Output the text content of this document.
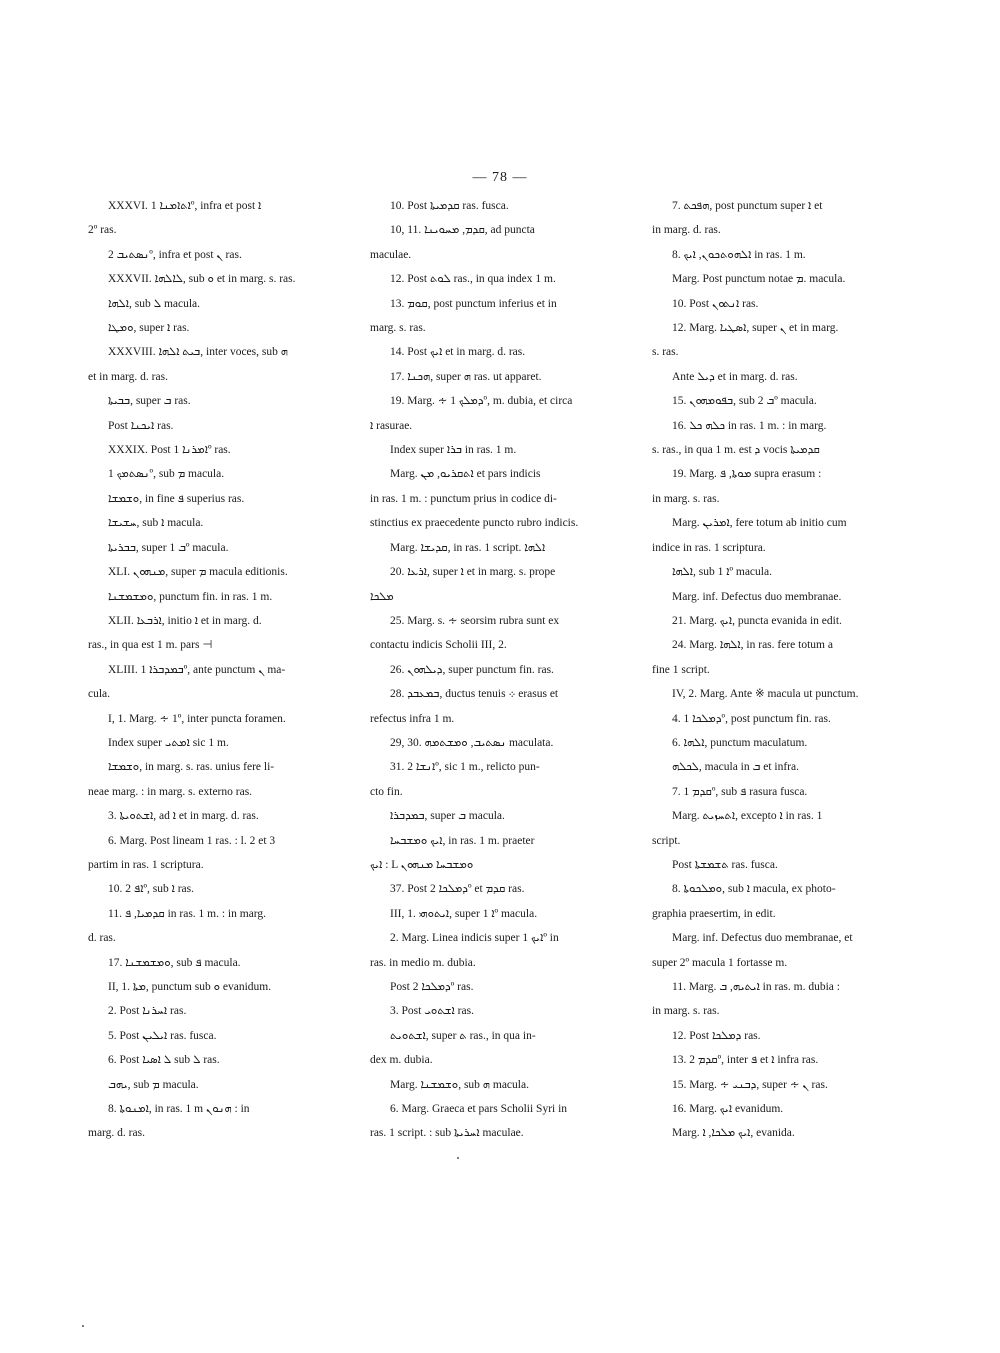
— 78 —
XXXVI. ܐܬܐܡܢܐ 1º, infra et post ܐ
2º ras.
ܢܣܬܝܒ 2º, infra et post ܢ ras.
XXXVII. ܠܐܠܗܐ, sub ܘ et in marg. s. ras.
ܐܠܗܐ, sub ܠ macula.
ܘܡܛܐ, super ܐ ras.
XXXVIII. ܒܝܬ ܐܠܗܐ, inter voces, sub ܗ
et in marg. d. ras.
ܒܒܝܬܐ, super ܒ ras.
Post ܐܝܟܢܐ ras.
XXXIX. Post ܐܡܪܢܐ 1º ras.
ܢܣܬܡܟ 1º, sub ܡ macula.
ܘܫܡܫܐ, in fine ܦ superius ras.
ܚܫܝܫܐ, sub ܐ macula.
ܒܒܪܝܬܐ, super ܒ 1º macula.
XLI. ܡܢܗܘܢ, super ܡ macula editionis.
ܘܡܫܡܫܢܐ, punctum fin. in ras. 1 m.
XLII. ܐܪܒܥܐ, initio ܐ et in marg. d.
ras., in qua est 1 m. pars ⊣
XLIII. ܒܡܕܒܪܐ 1º, ante punctum ܢ ma-
cula.
I, 1. Marg. ∻ 1º, inter puncta foramen.
Index super ܐܡܬܝ sic 1 m.
ܘܫܡܫܐ, in marg. s. ras. unius fere li-
neae marg. : in marg. s. externo ras.
3. ܐܫܬܘܝܬܐ, ad ܐ et in marg. d. ras.
6. Marg. Post lineam 1 ras. : l. 2 et 3
partim in ras. 1 scriptura.
10. ܐܦ 2º, sub ܐ ras.
11. ܩܕܡܝܐ, ܦ in ras. 1 m. : in marg.
d. ras.
17. ܘܡܫܡܫܢܐ, sub ܦ macula.
II, 1. ܡܬܐ, punctum sub ܘ evanidum.
2. Post ܐܚܪܢܐ ras.
5. Post ܐܝܠܝܢ ras. fusca.
6. Post ܠ ܐܣܝܐ sub ܠ ras.
ܝܗܒ, sub ܡ macula.
8. ܐܡܢܘܬܐ, in ras. 1 m ܗܢܘܢ : in
marg. d. ras.
10. Post ܩܕܡܝܬܐ ras. fusca.
10, 11. ܩܕܡ, ܡܚܘܝܢܐ, ad puncta
maculae.
12. Post ܠܘܬ ras., in qua index 1 m.
13. ܩܘܡ, post punctum inferius et in
marg. s. ras.
14. Post ܐܝܟ et in marg. d. ras.
17. ܗܟܢܐ, super ܗ ras. ut apparet.
19. Marg. ∻ ܕܡܠܟ 1º, m. dubia, et circa
ܐ rasurae.
Index super ܒܪܐ in ras. 1 m.
Marg. ܐܬܩܪܝܘ, ܡܢ et pars indicis
in ras. 1 m. : punctum prius in codice di-
stinctius ex praecedente puncto rubro indicis.
Marg. ܩܕܝܫܐ, in ras. 1 script. ܐܠܗܐ
20. ܐܪܥܐ, super ܐ et in marg. s. prope
ܡܠܟܐ
25. Marg. s. ∻ seorsim rubra sunt ex
contactu indicis Scholii III, 2.
26. ܕܝܠܗܘܢ, super punctum fin. ras.
28. ܒܡܥܒܕ, ductus tenuis ܀ erasus et
refectus infra 1 m.
29, 30. ܢܣܬܝܒ, ܘܡܫܬܡܗ maculata.
31. ܐܢܫܐ 2º, sic 1 m., relicto pun-
cto fin.
ܒܡܕܒܪܐ, super ܒ macula.
ܐܝܟ ܘܡܫܒܚܐ, in ras. 1 m. praeter
ܐܝܟ : L ܘܡܫܒܚܐ ܡܢܗܘܢ
37. Post ܕܡܠܟܐ 2º et ܩܕܡ ras.
III, 1. ܐܝܬܘܗܝ, super ܐ 1º macula.
2. Marg. Linea indicis super ܐܝܟ 1º in
ras. in medio m. dubia.
Post ܕܡܠܟܐ 2º ras.
3. Post ܐܫܬܘܝ ras.
ܐܫܬܘܝܬ, super ܬ ras., in qua in-
dex m. dubia.
Marg. ܘܫܡܫܢܐ, sub ܗ macula.
6. Marg. Graeca et pars Scholii Syri in
ras. 1 script. : sub ܐܚܪܝܬܐ maculae.
7. ܗܦܟܬ, post punctum super ܐ et
in marg. d. ras.
8. ܐܠܗܘܬܟܘܢ, ܐܝܟ in ras. 1 m.
Marg. Post punctum notae ܡ. macula.
10. Post ܐܢܬܘܢ ras.
12. Marg. ܐܣܛܝܐ, super ܢ et in marg.
s. ras.
Ante ܕܝܠ et in marg. d. ras.
15. ܒܦܘܡܗܘܢ, sub ܒ 2º macula.
16. ܟܠܗ ܟܠ in ras. 1 m. : in marg.
s. ras., in qua 1 m. est ܕ vocis ܩܕܡܝܬܐ
19. Marg. ܡܘܬܐ, ܦ supra erasum :
in marg. s. ras.
Marg. ܐܡܪܝܢ, fere totum ab initio cum
indice in ras. 1 scriptura.
ܐܠܗܐ, sub ܐ 1º macula.
Marg. inf. Defectus duo membranae.
21. Marg. ܐܝܟ, puncta evanida in edit.
24. Marg. ܐܠܗܐ, in ras. fere totum a
fine 1 script.
IV, 2. Marg. Ante ※ macula ut punctum.
4. ܕܡܠܟܐ 1º, post punctum fin. ras.
6. ܐܠܗܐ, punctum maculatum.
ܠܟܠܗ, macula in ܒ et infra.
7. ܩܕܡ 1º, sub ܦ rasura fusca.
Marg. ܐܬܚܙܝܬ, excepto ܐ in ras. 1
script.
Post ܬܫܡܫܬܐ ras. fusca.
8. ܘܡܠܟܘܬܐ, sub ܐ macula, ex photo-
graphia praesertim, in edit.
Marg. inf. Defectus duo membranae, et
super 2º macula 1 fortasse m.
11. Marg. ܐܝܬܝܗ, ܒ in ras. m. dubia :
in marg. s. ras.
12. Post ܕܡܠܟܐ ras.
13. ܩܕܡ 2º, inter ܦ et ܐ infra ras.
15. Marg. ∻ ܕܒܢܝ, super ∻ ܢ ras.
16. Marg. ܐܝܟ evanidum.
Marg. ܐܝܟ ܡܠܟܐ, ܐ, evanida.
